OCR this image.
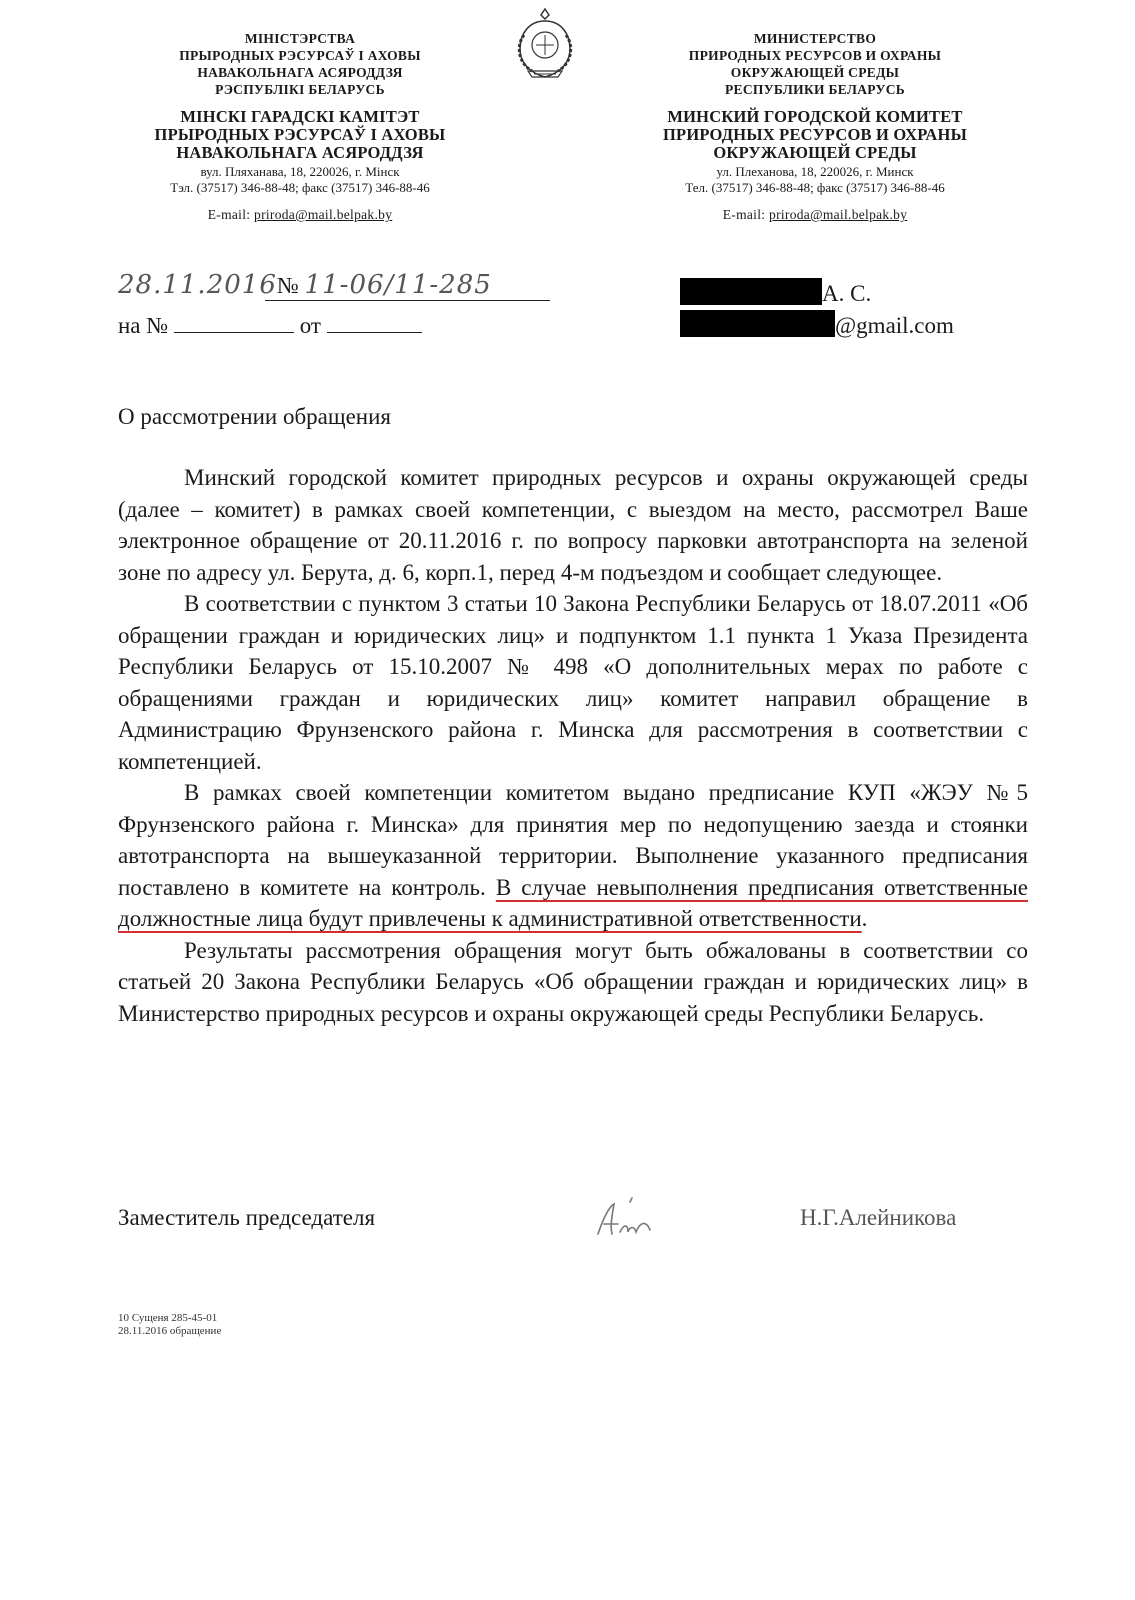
МІНІСТЭРСТВА
ПРЫРОДНЫХ РЭСУРСАЎ І АХОВЫ
НАВАКОЛЬНАГА АСЯРОДДЗЯ
РЭСПУБЛІКІ БЕЛАРУСЬ
МІНСКІ ГАРАДСКІ КАМІТЭТ
ПРЫРОДНЫХ РЭСУРСАЎ І АХОВЫ
НАВАКОЛЬНАГА АСЯРОДДЗЯ
вул. Пляханава, 18, 220026, г. Мінск
Тэл. (37517) 346-88-48; факс (37517) 346-88-46
E-mail: priroda@mail.belpak.by
МИНИСТЕРСТВО
ПРИРОДНЫХ РЕСУРСОВ И ОХРАНЫ
ОКРУЖАЮЩЕЙ СРЕДЫ
РЕСПУБЛИКИ БЕЛАРУСЬ
МИНСКИЙ ГОРОДСКОЙ КОМИТЕТ
ПРИРОДНЫХ РЕСУРСОВ И ОХРАНЫ
ОКРУЖАЮЩЕЙ СРЕДЫ
ул. Плеханова, 18, 220026, г. Минск
Тел. (37517) 346-88-48; факс (37517) 346-88-46
E-mail: priroda@mail.belpak.by
28.11.2016№ 11-06/11-285
на №	от
А. С.
@gmail.com
О рассмотрении обращения

Минский городской комитет природных ресурсов и охраны окружающей среды (далее – комитет) в рамках своей компетенции, с выездом на место, рассмотрел Ваше электронное обращение от 20.11.2016 г. по вопросу парковки автотранспорта на зеленой зоне по адресу ул. Берута, д. 6, корп.1, перед 4-м подъездом и сообщает следующее.

В соответствии с пунктом 3 статьи 10 Закона Республики Беларусь от 18.07.2011 «Об обращении граждан и юридических лиц» и подпунктом 1.1 пункта 1 Указа Президента Республики Беларусь от 15.10.2007 № 498 «О дополнительных мерах по работе с обращениями граждан и юридических лиц» комитет направил обращение в Администрацию Фрунзенского района г. Минска для рассмотрения в соответствии с компетенцией.

В рамках своей компетенции комитетом выдано предписание КУП «ЖЭУ №5 Фрунзенского района г. Минска» для принятия мер по недопущению заезда и стоянки автотранспорта на вышеуказанной территории. Выполнение указанного предписания поставлено в комитете на контроль. В случае невыполнения предписания ответственные должностные лица будут привлечены к административной ответственности.

Результаты рассмотрения обращения могут быть обжалованы в соответствии со статьей 20 Закона Республики Беларусь «Об обращении граждан и юридических лиц» в Министерство природных ресурсов и охраны окружающей среды Республики Беларусь.

Заместитель председателя	Н.Г.Алейникова
10 Сущеня 285-45-01
28.11.2016 обращение
